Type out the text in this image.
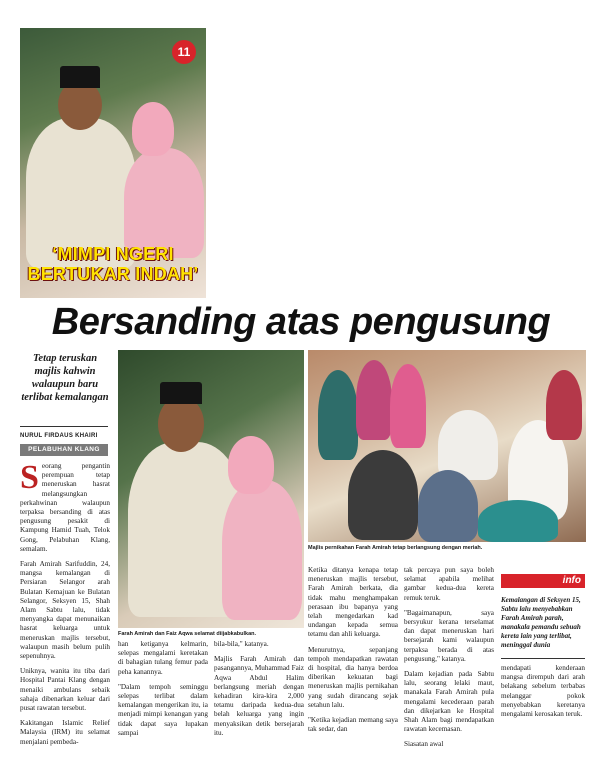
11
‘MIMPI NGERI BERTUKAR INDAH’
Bersanding atas pengusung
Tetap teruskan majlis kahwin walaupun baru terlibat kemalangan
NURUL FIRDAUS KHAIRI
PELABUHAN KLANG

Seorang pengantin perempuan tetap meneruskan hasrat melangsungkan perkahwinan walaupun terpaksa bersanding di atas pengusung pesakit di Kampung Hamid Tuah, Telok Gong, Pelabuhan Klang, semalam.

Farah Amirah Sarifuddin, 24, mangsa kemalangan di Persiaran Selangor arah Bulatan Kemajuan ke Bulatan Selangor, Seksyen 15, Shah Alam Sabtu lalu, tidak menyangka dapat menunaikan hasrat keluarga untuk meneruskan majlis tersebut, walaupun masih belum pulih sepenuhnya.

Uniknya, wanita itu tiba dari Hospital Pantai Klang dengan menaiki ambulans sebaik sahaja dibenarkan keluar dari pusat rawatan tersebut.

Kakitangan Islamic Relief Malaysia (IRM) itu selamat menjalani pembeda-

Farah Amirah dan Faiz Aqwa selamat diijabkabulkan.
Majlis pernikahan Farah Amirah tetap berlangsung dengan meriah.

han ketiganya kelmarin, selepas mengalami keretakan di bahagian tulang femur pada peha kanannya.

"Dalam tempoh seminggu selepas terlibat dalam kemalangan mengerikan itu, ia menjadi mimpi kenangan yang tidak dapat saya lupakan sampai

bila-bila," katanya.

Majlis Farah Amirah dan pasangannya, Muhammad Faiz Aqwa Abdul Halim berlangsung meriah dengan kehadiran kira-kira 2,000 tetamu daripada kedua-dua belah keluarga yang ingin menyaksikan detik bersejarah itu.

Ketika ditanya kenapa tetap meneruskan majlis tersebut, Farah Amirah berkata, dia tidak mahu menghampakan perasaan ibu bapanya yang telah mengedarkan kad undangan kepada semua tetamu dan ahli keluarga.

Menurutnya, sepanjang tempoh mendapatkan rawatan di hospital, dia hanya berdoa diberikan kekuatan bagi meneruskan majlis pernikahan yang sudah dirancang sejak setahun lalu.

"Ketika kejadian memang saya tak sedar, dan

tak percaya pun saya boleh selamat apabila melihat gambar kedua-dua kereta remuk teruk.

"Bagaimanapun, saya bersyukur kerana terselamat dan dapat meneruskan hari bersejarah kami walaupun terpaksa berada di atas pengusung," katanya.

Dalam kejadian pada Sabtu lalu, seorang lelaki maut, manakala Farah Amirah pula mengalami kecederaan parah dan dikejarkan ke Hospital Shah Alam bagi mendapatkan rawatan kecemasan.

Siasatan awal

info
Kemalangan di Seksyen 15, Sabtu lalu menyebabkan Farah Amirah parah, manakala pemandu sebuah kereta lain yang terlibat, meninggal dunia

mendapati kenderaan mangsa dirempuh dari arah belakang sebelum terbabas melanggar pokok menyebabkan keretanya mengalami kerosakan teruk.
